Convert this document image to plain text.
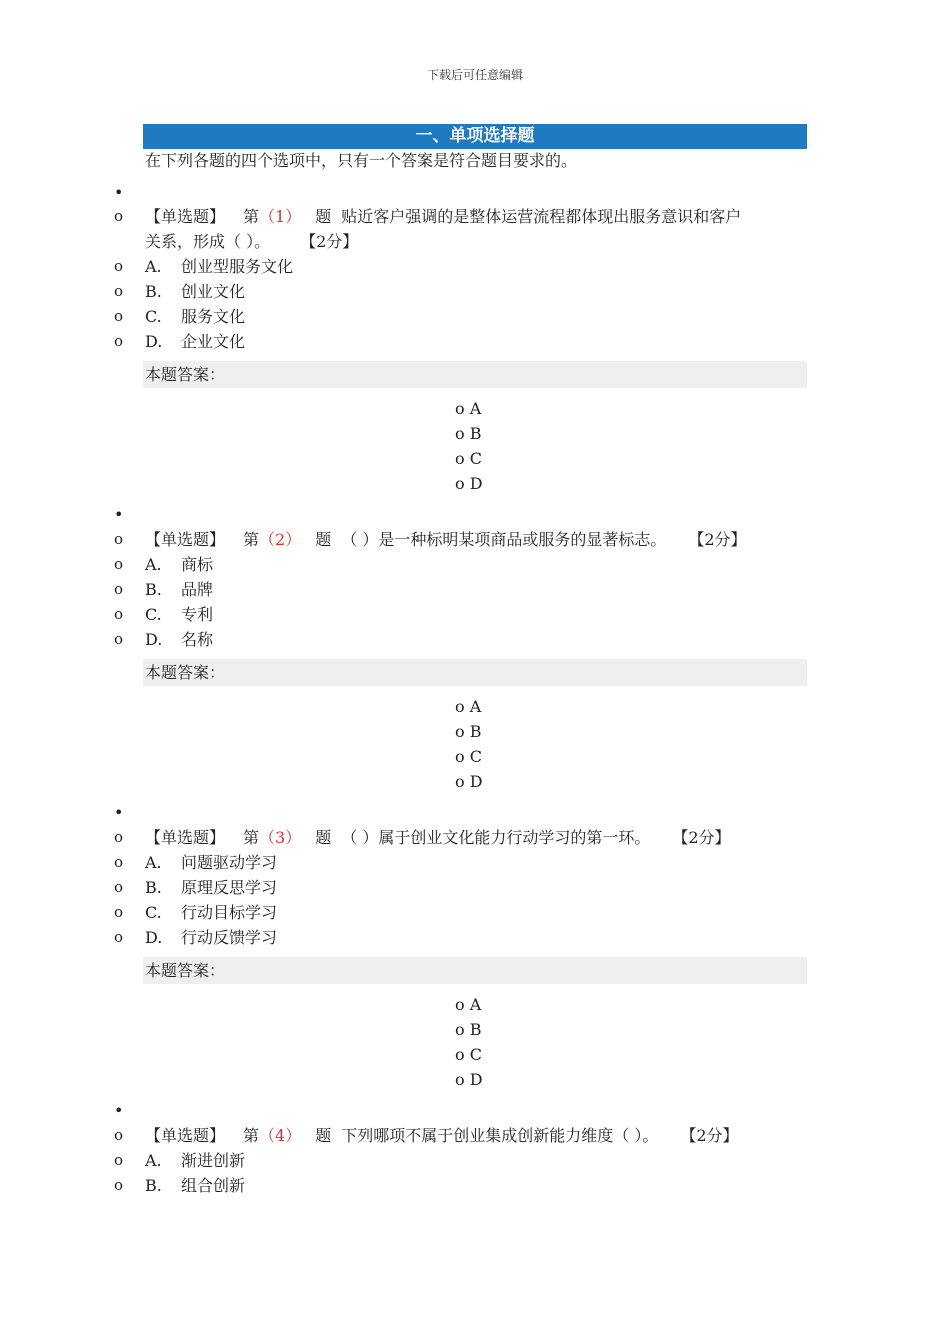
下载后可任意编辑
一、单项选择题
在下列各题的四个选项中，只有一个答案是符合题目要求的。
•
o 【单选题】 第（1） 题 贴近客户强调的是整体运营流程都体现出服务意识和客户
关系，形成（ ）。 【2分】
o A. 创业型服务文化
o B. 创业文化
o C. 服务文化
o D. 企业文化
本题答案：
o A
o B
o C
o D
•
o 【单选题】 第（2） 题 （ ）是一种标明某项商品或服务的显著标志。 【2分】
o A. 商标
o B. 品牌
o C. 专利
o D. 名称
本题答案：
o A
o B
o C
o D
•
o 【单选题】 第（3） 题 （ ）属于创业文化能力行动学习的第一环。 【2分】
o A. 问题驱动学习
o B. 原理反思学习
o C. 行动目标学习
o D. 行动反馈学习
本题答案：
o A
o B
o C
o D
•
o 【单选题】 第（4） 题 下列哪项不属于创业集成创新能力维度（ ）。 【2分】
o A. 渐进创新
o B. 组合创新
